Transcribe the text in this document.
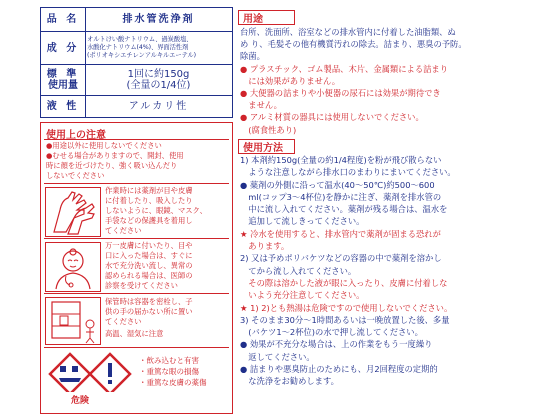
品 名	排水管洗浄剤
成 分
オルトけい酸ナトリウム、過炭酸塩、
水酸化ナトリウム(4%)、界面活性剤
(ポリオキシエチレンアルキルエーテル)
標 準
使用量
1回に約150g
(全量の1/4位)
液 性	アルカリ性
使用上の注意
●用途以外に使用しないでください
●むせる場合がありますので、開封、使用
時に顔を近づけたり、強く吸い込んだり
しないでください
作業時には薬剤が目や皮膚
に付着したり、吸入したり
しないように、眼鏡、マスク、
手袋などの保護具を着用し
てください
万一皮膚に付いたり、目や
口に入った場合は、すぐに
水で充分洗い流し、異常の
認められる場合は、医師の
診察を受けてください
保管時は容器を密栓し、子
供の手の届かない所に置い
てください
高温、湿気に注意
危険
・飲み込むと有害
・重篤な眼の損傷
・重篤な皮膚の薬傷
用途
台所、洗面所、浴室などの排水管内に付着した油脂類、ぬ
め り、毛髪その他有機質汚れの除去。詰まり、悪臭の予防。
除菌。
● プラスチック、ゴム製品、木片、金属類による詰まり
　には効果がありません。
● 大便器の詰まりや小便器の尿石には効果が期待でき
　ません。
● アルミ材質の器具には使用しないでください。
　(腐食性あり)
使用方法
1) 本剤約150g(全量の約1/4程度)を粉が飛び散らない
　ような注意しながら排水口のまわりにまいてください。
● 薬剤の外側に沿って温水(40〜50℃)約500〜600
　ml(コップ3〜4杯位)を静かに注ぎ、薬剤を排水管の
　中に流し入れてください。薬剤が残る場合は、温水を
　追加して流しきってください。
★ 冷水を使用すると、排水管内で薬剤が固まる恐れが
　あります。
2) 又は予めポリバケツなどの容器の中で薬剤を溶かし
　てから流し入れてください。
　その際は溶かした液が眼に入ったり、皮膚に付着しな
　いよう充分注意してください。
★ 1) 2)とも熱湯は危険ですので使用しないでください。
3) そのまま30分〜1時間あるいは一晩放置した後、多量
　(バケツ1〜2杯位)の水で押し流してください。
● 効果が不充分な場合は、上の作業をもう一度繰り
　返してください。
● 詰まりや悪臭防止のためにも、月2回程度の定期的
　な洗浄をお勧めします。
